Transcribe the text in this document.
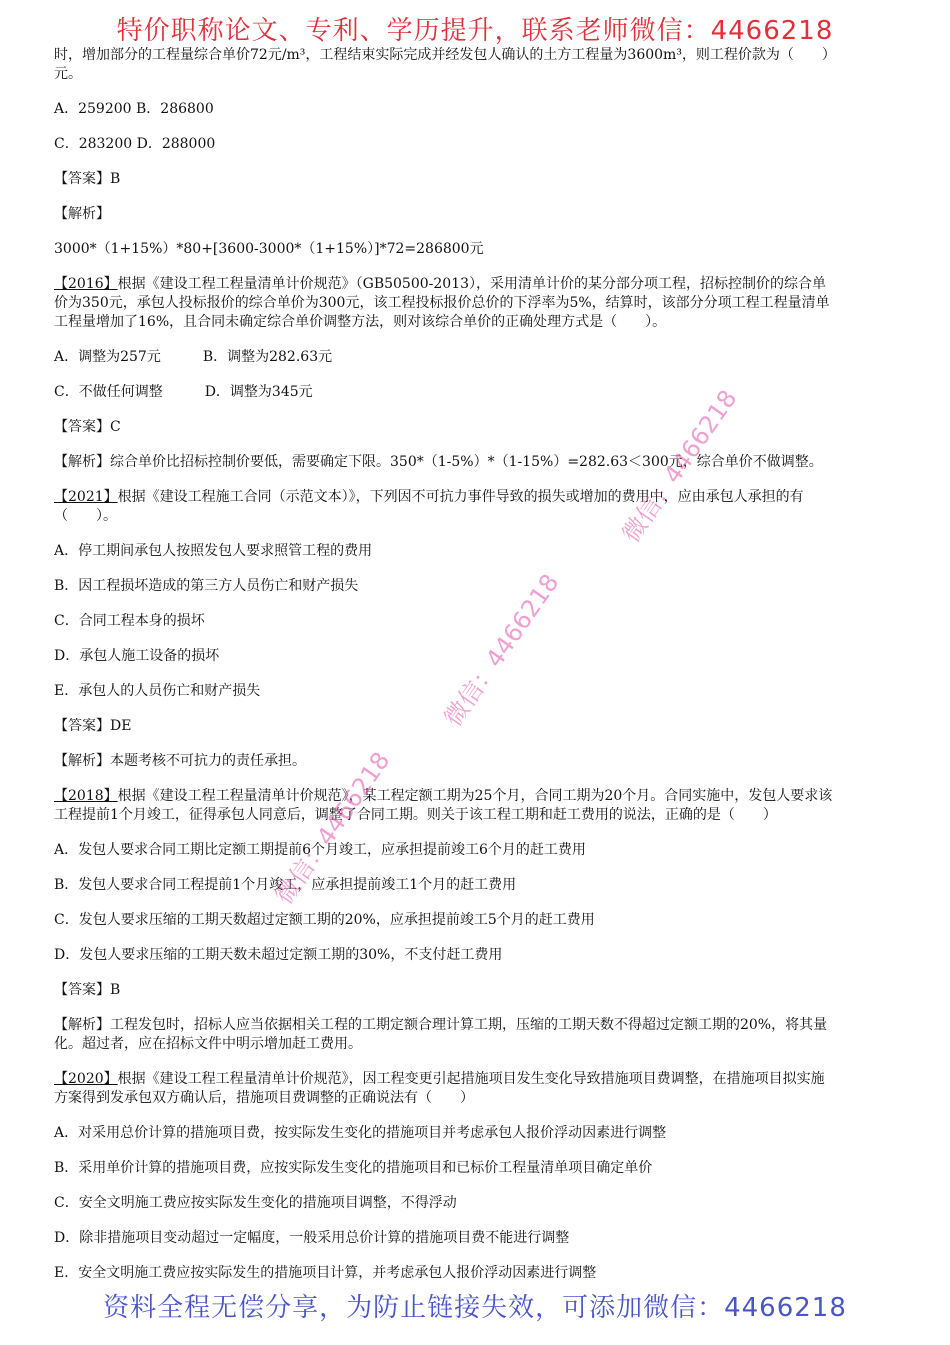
特价职称论文、专利、学历提升，联系老师微信：4466218
时，增加部分的工程量综合单价72元/m³，工程结束实际完成并经发包人确认的土方工程量为3600m³，则工程价款为（　　）
元。
A．259200 B．286800
C．283200 D．288000
【答案】B
【解析】
3000*（1+15%）*80+[3600-3000*（1+15%）]*72=286800元
【2016】根据《建设工程工程量清单计价规范》（GB50500-2013），采用清单计价的某分部分项工程，招标控制价的综合单
价为350元，承包人投标报价的综合单价为300元，该工程投标报价总价的下浮率为5%，结算时，该部分分项工程工程量清单
工程量增加了16%，且合同未确定综合单价调整方法，则对该综合单价的正确处理方式是（　　）。
A．调整为257元　　　B．调整为282.63元
C．不做任何调整　　　D．调整为345元
【答案】C
【解析】综合单价比招标控制价要低，需要确定下限。350*（1-5%）*（1-15%）=282.63＜300元，综合单价不做调整。
【2021】根据《建设工程施工合同（示范文本）》，下列因不可抗力事件导致的损失或增加的费用中，应由承包人承担的有
（　　）。
A．停工期间承包人按照发包人要求照管工程的费用
B．因工程损坏造成的第三方人员伤亡和财产损失
C．合同工程本身的损坏
D．承包人施工设备的损坏
E．承包人的人员伤亡和财产损失
【答案】DE
【解析】本题考核不可抗力的责任承担。
【2018】根据《建设工程工程量清单计价规范》，某工程定额工期为25个月，合同工期为20个月。合同实施中，发包人要求该
工程提前1个月竣工，征得承包人同意后，调整了合同工期。则关于该工程工期和赶工费用的说法，正确的是（　　）
A．发包人要求合同工期比定额工期提前6个月竣工，应承担提前竣工6个月的赶工费用
B．发包人要求合同工程提前1个月竣工，应承担提前竣工1个月的赶工费用
C．发包人要求压缩的工期天数超过定额工期的20%，应承担提前竣工5个月的赶工费用
D．发包人要求压缩的工期天数未超过定额工期的30%，不支付赶工费用
【答案】B
【解析】工程发包时，招标人应当依据相关工程的工期定额合理计算工期，压缩的工期天数不得超过定额工期的20%，将其量
化。超过者，应在招标文件中明示增加赶工费用。
【2020】根据《建设工程工程量清单计价规范》，因工程变更引起措施项目发生变化导致措施项目费调整，在措施项目拟实施
方案得到发承包双方确认后，措施项目费调整的正确说法有（　　）
A．对采用总价计算的措施项目费，按实际发生变化的措施项目并考虑承包人报价浮动因素进行调整
B．采用单价计算的措施项目费，应按实际发生变化的措施项目和已标价工程量清单项目确定单价
C．安全文明施工费应按实际发生变化的措施项目调整，不得浮动
D．除非措施项目变动超过一定幅度，一般采用总价计算的措施项目费不能进行调整
E．安全文明施工费应按实际发生的措施项目计算，并考虑承包人报价浮动因素进行调整
微信：4466218
微信：4466218
微信：4466218
资料全程无偿分享，为防止链接失效，可添加微信：4466218
